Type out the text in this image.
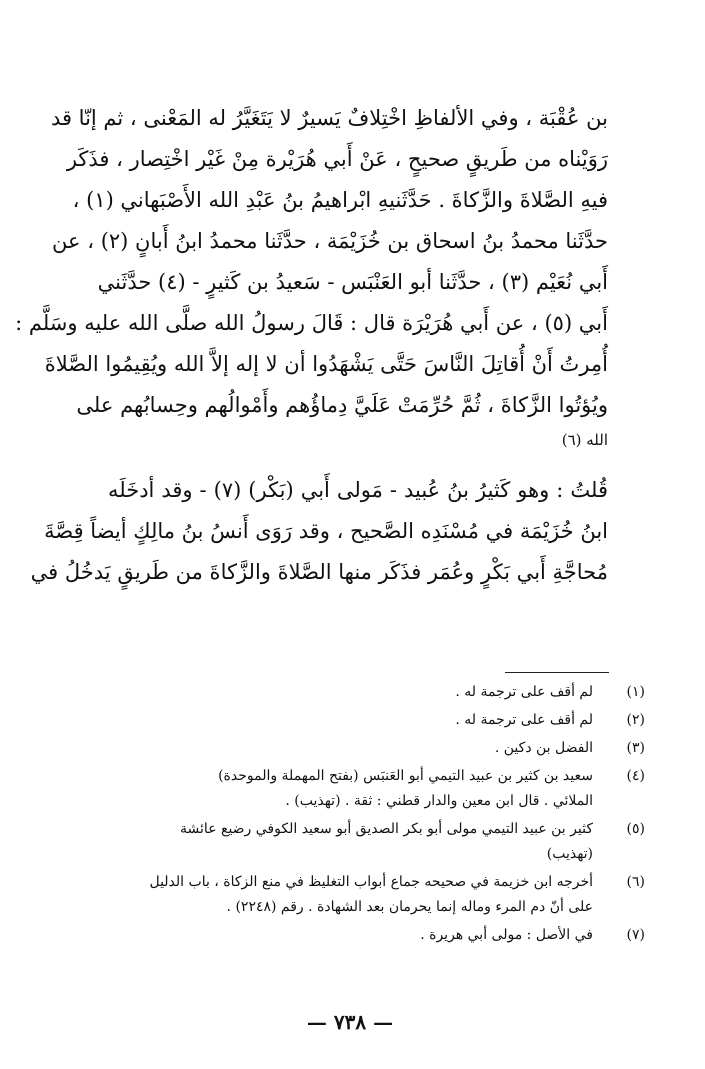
بن عُقْبَة ، وفي الألفاظِ اخْتِلافٌ يَسيرٌ لا يَتَغَيَّرُ له المَعْنى ، ثم إنّا قد
رَوَيْناه من طَريقٍ صحيحٍ ، عَنْ أَبي هُرَيْرة مِنْ غَيْر اخْتِصار ، فذَكَر
فيهِ الصَّلاةَ والزَّكاةَ . حَدَّثَنيهِ ابْراهيمُ بنُ عَبْدِ الله الأَصْبَهاني (١) ،
حدَّثَنا محمدُ بنُ اسحاق بن خُزَيْمَة ، حدَّثَنا محمدُ ابنُ أَبانٍ (٢) ، عن
أَبي نُعَيْم (٣) ، حدَّثَنا أبو العَنْبَس - سَعيدُ بن كَثيرٍ - (٤) حدَّثَني
أَبي (٥) ، عن أَبي هُرَيْرَة قال : قَالَ رسولُ الله صلَّى الله عليه وسَلَّم :
أُمِرتُ أَنْ أُقاتِلَ النَّاسَ حَتَّى يَشْهَدُوا أن لا إله إلاَّ الله ويُقِيمُوا الصَّلاةَ
ويُؤتُوا الزَّكاةَ ، ثُمَّ حُرِّمَتْ عَلَيَّ دِماؤُهم وأَمْوالُهم وحِسابُهم على
الله (٦)
قُلتُ : وهو كَثيرُ بنُ عُبيد - مَولى أَبي (بَكْر) (٧) - وقد أدخَلَه
ابنُ خُزَيْمَة في مُسْنَدِه الصَّحيح ، وقد رَوَى أَنسُ بنُ مالِكٍ أيضاً قِصَّةَ
مُحاجَّةِ أَبي بَكْرٍ وعُمَر فذَكَر منها الصَّلاةَ والزَّكاةَ من طَريقٍ يَدخُلُ في
(١)
لم أقف على ترجمة له .
(٢)
لم أقف على ترجمة له .
(٣)
الفضل بن دكين .
(٤)
سعيد بن كثير بن عبيد التيمي أبو العَنبَس (بفتح المهملة والموحدة)
الملائي . قال ابن معين والدار قطني : ثقة . (تهذيب) .
(٥)
كثير بن عبيد التيمي مولى أبو بكر الصديق أبو سعيد الكوفي رضيع عائشة
(تهذيب)
(٦)
أخرجه ابن خزيمة في صحيحه جماع أبواب التغليظ في منع الزكاة ، باب الدليل
على أنّ دم المرء وماله إنما يحرمان بعد الشهادة . رقم (٢٢٤٨) .
(٧)
في الأصل : مولى أبي هريرة .
— ٧٣٨ —
